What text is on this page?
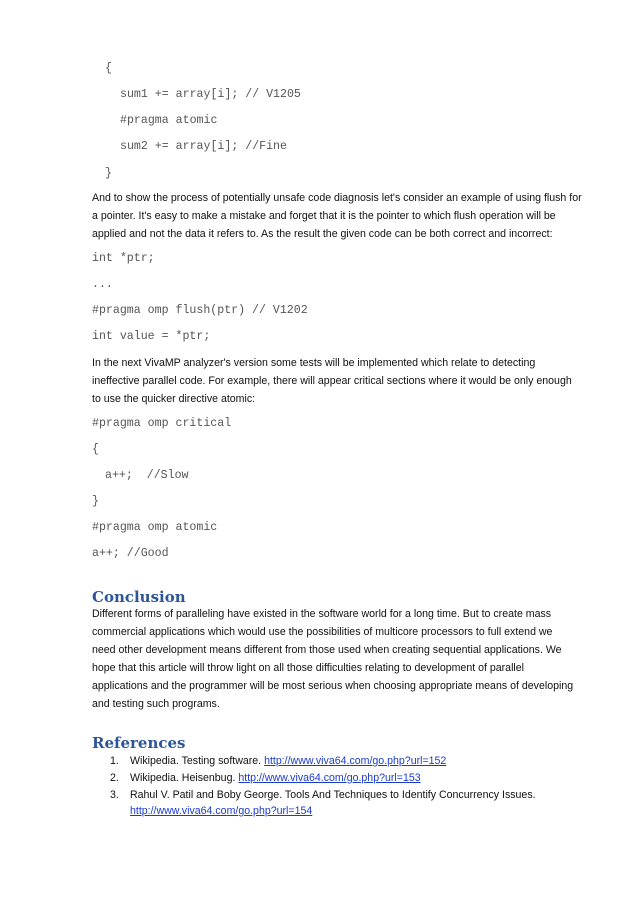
{
sum1 += array[i]; // V1205
#pragma atomic
sum2 += array[i]; //Fine
}

And to show the process of potentially unsafe code diagnosis let's consider an example of using flush for
a pointer. It's easy to make a mistake and forget that it is the pointer to which flush operation will be
applied and not the data it refers to. As the result the given code can be both correct and incorrect:

int *ptr;
...
#pragma omp flush(ptr) // V1202
int value = *ptr;

In the next VivaMP analyzer's version some tests will be implemented which relate to detecting
ineffective parallel code. For example, there will appear critical sections where it would be only enough
to use the quicker directive atomic:

#pragma omp critical
{
a++;  //Slow
}
#pragma omp atomic
a++; //Good
Conclusion

Different forms of paralleling have existed in the software world for a long time. But to create mass
commercial applications which would use the possibilities of multicore processors to full extend we
need other development means different from those used when creating sequential applications. We
hope that this article will throw light on all those difficulties relating to development of parallel
applications and the programmer will be most serious when choosing appropriate means of developing
and testing such programs.

References
1. Wikipedia. Testing software. http://www.viva64.com/go.php?url=152
2. Wikipedia. Heisenbug. http://www.viva64.com/go.php?url=153
3. Rahul V. Patil and Boby George. Tools And Techniques to Identify Concurrency Issues.
http://www.viva64.com/go.php?url=154
